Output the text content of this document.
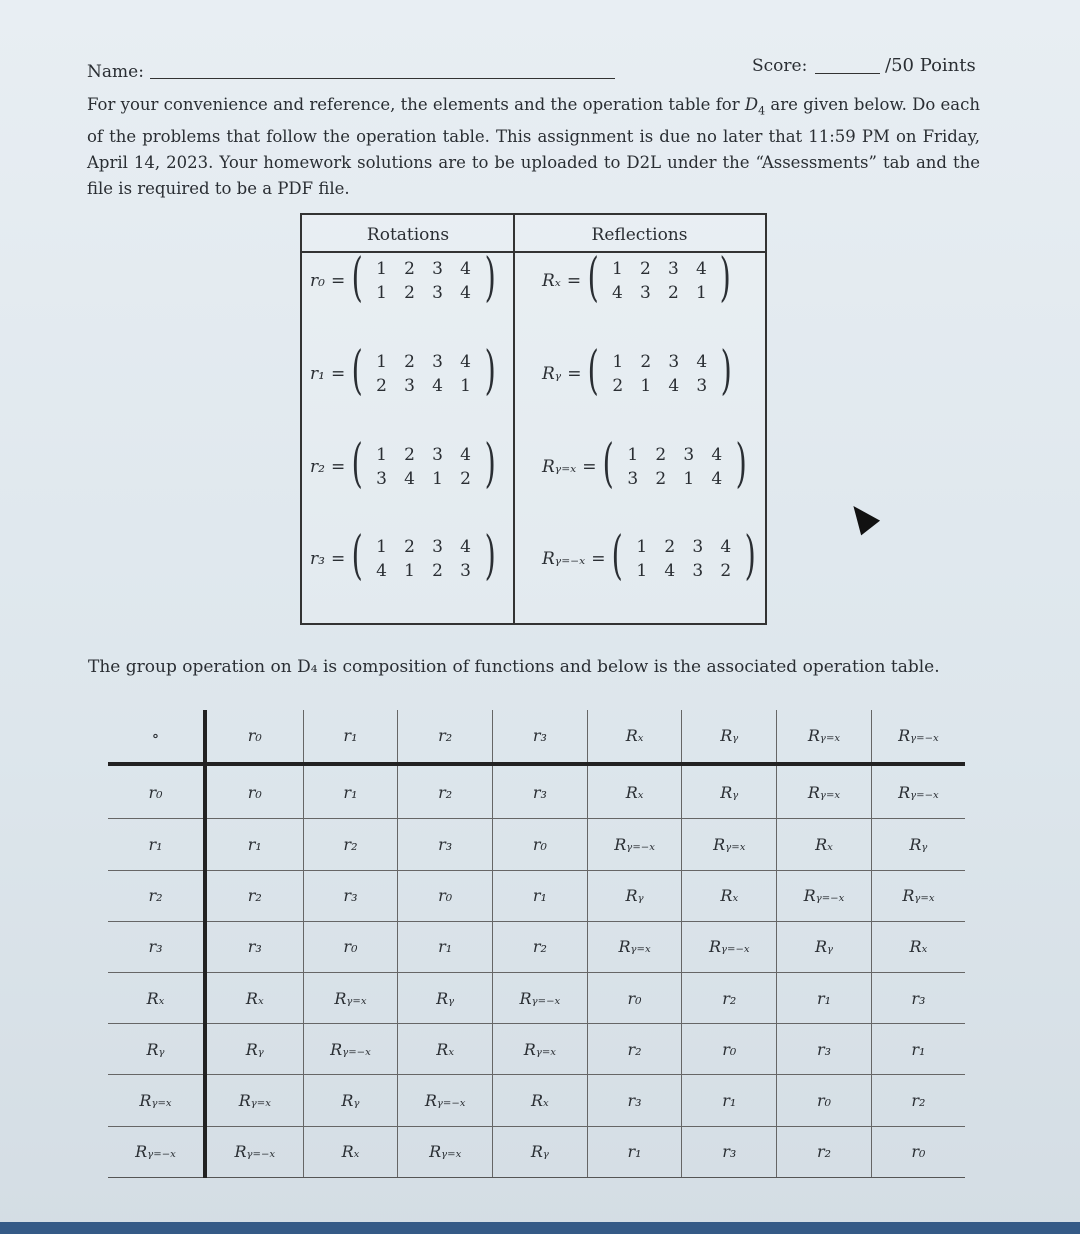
Name:	Score:	/50 Points
For your convenience and reference, the elements and the operation table for $D_4$ are given below. Do each of the problems that follow the operation table. This assignment is due no later that 11:59 PM on Friday, April 14, 2023. Your homework solutions are to be uploaded to D2L under the “Assessments” tab and the file is required to be a PDF file.
Rotations	Reflections
r₀ = ( 1	2	3	4
1	2	3	4 )
r₁ = ( 1	2	3	4
2	3	4	1 )
r₂ = ( 1	2	3	4
3	4	1	2 )
r₃ = ( 1	2	3	4
4	1	2	3 )
Rₓ = ( 1	2	3	4
4	3	2	1 )
Rᵧ = ( 1	2	3	4
2	1	4	3 )
Rᵧ₌ₓ = ( 1	2	3	4
3	2	1	4 )
Rᵧ₌₋ₓ = ( 1	2	3	4
1	4	3	2 )
The group operation on D₄ is composition of functions and below is the associated operation table.
∘	r₀	r₁	r₂	r₃	Rₓ	Rᵧ	Rᵧ₌ₓ	Rᵧ₌₋ₓ
r₀	r₀	r₁	r₂	r₃	Rₓ	Rᵧ	Rᵧ₌ₓ	Rᵧ₌₋ₓ
r₁	r₁	r₂	r₃	r₀	Rᵧ₌₋ₓ	Rᵧ₌ₓ	Rₓ	Rᵧ
r₂	r₂	r₃	r₀	r₁	Rᵧ	Rₓ	Rᵧ₌₋ₓ	Rᵧ₌ₓ
r₃	r₃	r₀	r₁	r₂	Rᵧ₌ₓ	Rᵧ₌₋ₓ	Rᵧ	Rₓ
Rₓ	Rₓ	Rᵧ₌ₓ	Rᵧ	Rᵧ₌₋ₓ	r₀	r₂	r₁	r₃
Rᵧ	Rᵧ	Rᵧ₌₋ₓ	Rₓ	Rᵧ₌ₓ	r₂	r₀	r₃	r₁
Rᵧ₌ₓ	Rᵧ₌ₓ	Rᵧ	Rᵧ₌₋ₓ	Rₓ	r₃	r₁	r₀	r₂
Rᵧ₌₋ₓ	Rᵧ₌₋ₓ	Rₓ	Rᵧ₌ₓ	Rᵧ	r₁	r₃	r₂	r₀
